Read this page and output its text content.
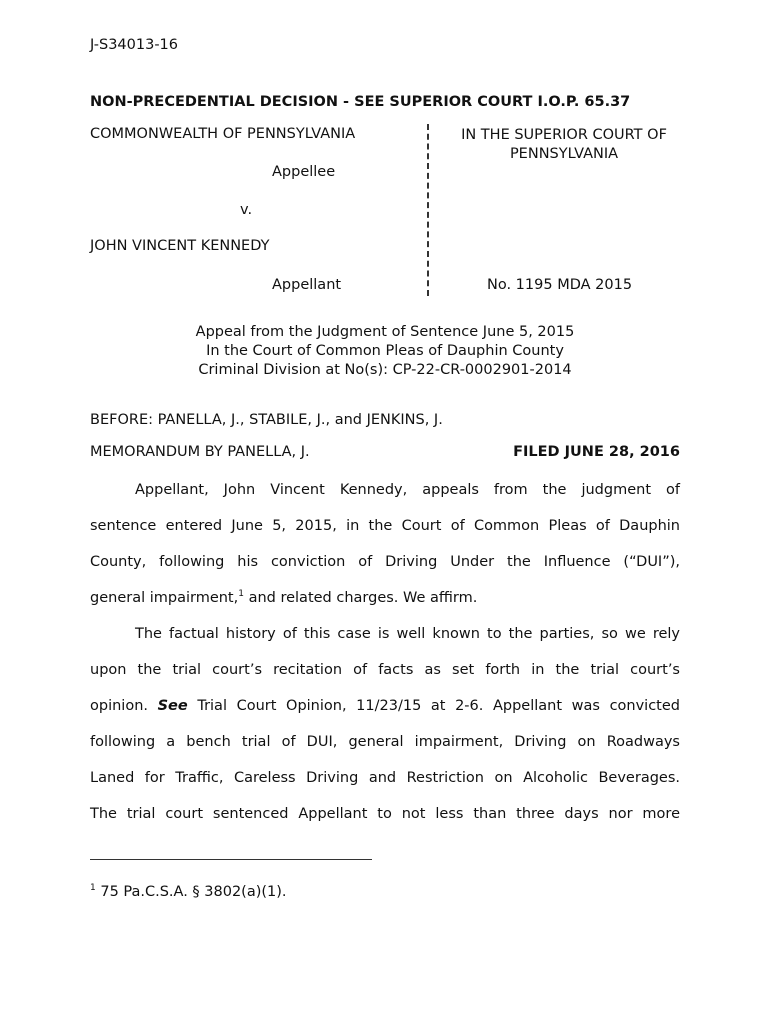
J-S34013-16
NON-PRECEDENTIAL DECISION - SEE SUPERIOR COURT I.O.P. 65.37
COMMONWEALTH OF PENNSYLVANIA
Appellee
v.
JOHN VINCENT KENNEDY
Appellant
IN THE SUPERIOR COURT OF PENNSYLVANIA
No. 1195 MDA 2015
Appeal from the Judgment of Sentence June 5, 2015
In the Court of Common Pleas of Dauphin County
Criminal Division at No(s): CP-22-CR-0002901-2014
BEFORE: PANELLA, J., STABILE, J., and JENKINS, J.
MEMORANDUM BY PANELLA, J.	FILED JUNE 28, 2016
Appellant, John Vincent Kennedy, appeals from the judgment of
sentence entered June 5, 2015, in the Court of Common Pleas of Dauphin
County, following his conviction of Driving Under the Influence (“DUI”),
general impairment,$^1$ and related charges. We affirm.
The factual history of this case is well known to the parties, so we rely
upon the trial court’s recitation of facts as set forth in the trial court’s
opinion. See Trial Court Opinion, 11/23/15 at 2-6. Appellant was convicted
following a bench trial of DUI, general impairment, Driving on Roadways
Laned for Traffic, Careless Driving and Restriction on Alcoholic Beverages.
The trial court sentenced Appellant to not less than three days nor more
$^1$ 75 Pa.C.S.A. § 3802(a)(1).
